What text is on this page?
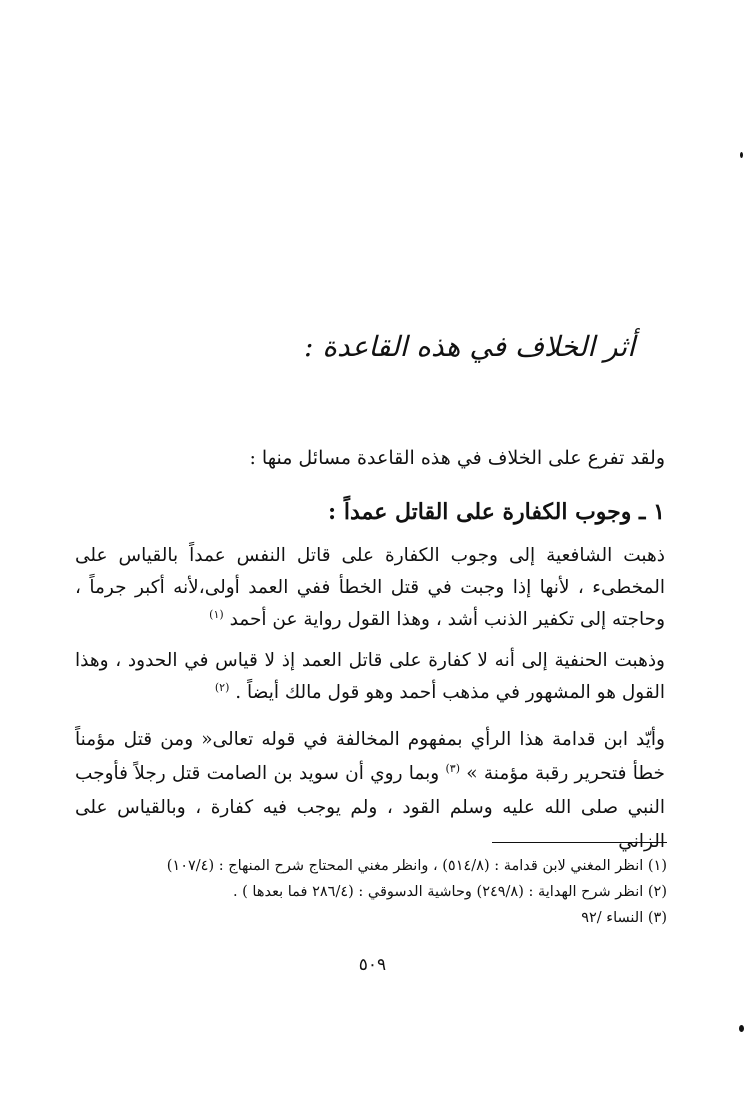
أثر الخلاف في هذه القاعدة :
ولقد تفرع على الخلاف في هذه القاعدة مسائل منها :
١ ـ وجوب الكفارة على القاتل عمداً :

ذهبت الشافعية إلى وجوب الكفارة على قاتل النفس عمداً بالقياس على المخطىء ، لأنها إذا وجبت في قتل الخطأ ففي العمد أولى،لأنه أكبر جرماً ، وحاجته إلى تكفير الذنب أشد ، وهذا القول رواية عن أحمد $^{(١)}$

وذهبت الحنفية إلى أنه لا كفارة على قاتل العمد إذ لا قياس في الحدود ، وهذا القول هو المشهور في مذهب أحمد وهو قول مالك أيضاً . $^{(٢)}$

وأيّد ابن قدامة هذا الرأي بمفهوم المخالفة في قوله تعالى« ومن قتل مؤمناً خطأ فتحرير رقبة مؤمنة » $^{(٣)}$ وبما روي أن سويد بن الصامت قتل رجلاً فأوجب النبي صلى الله عليه وسلم القود ، ولم يوجب فيه كفارة ، وبالقياس على الزاني

(١) انظر المغني لابن قدامة : (٥١٤/٨) ، وانظر مغني المحتاج شرح المنهاج : (١٠٧/٤)
(٢) انظر شرح الهداية : (٢٤٩/٨) وحاشية الدسوقي : (٢٨٦/٤ فما بعدها ) .
(٣) النساء /٩٢
٥٠٩
